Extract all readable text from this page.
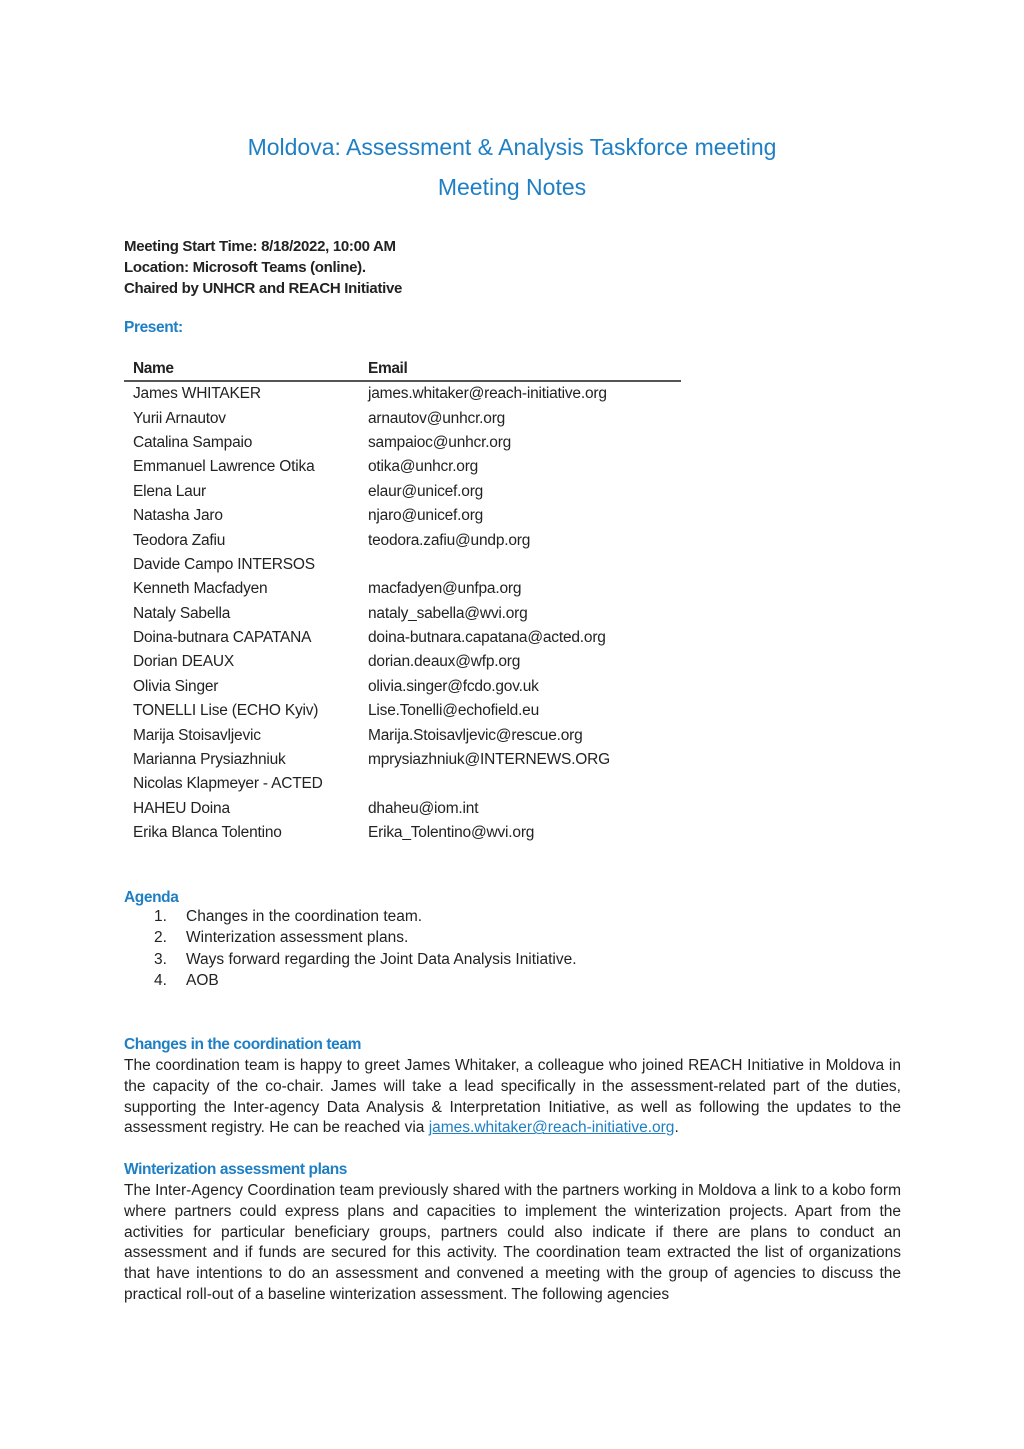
Moldova: Assessment & Analysis Taskforce meeting
Meeting Notes
Meeting Start Time: 8/18/2022, 10:00 AM
Location: Microsoft Teams (online).
Chaired by UNHCR and REACH Initiative
Present:
Name	Email
James WHITAKER	james.whitaker@reach-initiative.org
Yurii Arnautov	arnautov@unhcr.org
Catalina Sampaio	sampaioc@unhcr.org
Emmanuel Lawrence Otika	otika@unhcr.org
Elena Laur	elaur@unicef.org
Natasha Jaro	njaro@unicef.org
Teodora Zafiu	teodora.zafiu@undp.org
Davide Campo INTERSOS	
Kenneth Macfadyen	macfadyen@unfpa.org
Nataly Sabella	nataly_sabella@wvi.org
Doina-butnara CAPATANA	doina-butnara.capatana@acted.org
Dorian DEAUX	dorian.deaux@wfp.org
Olivia Singer	olivia.singer@fcdo.gov.uk
TONELLI Lise (ECHO Kyiv)	Lise.Tonelli@echofield.eu
Marija Stoisavljevic	Marija.Stoisavljevic@rescue.org
Marianna Prysiazhniuk	mprysiazhniuk@INTERNEWS.ORG
Nicolas Klapmeyer - ACTED	
HAHEU Doina	dhaheu@iom.int
Erika Blanca Tolentino	Erika_Tolentino@wvi.org
Agenda
1.	Changes in the coordination team.
2.	Winterization assessment plans.
3.	Ways forward regarding the Joint Data Analysis Initiative.
4.	AOB
Changes in the coordination team
The coordination team is happy to greet James Whitaker, a colleague who joined REACH Initiative in Moldova in the capacity of the co-chair. James will take a lead specifically in the assessment-related part of the duties, supporting the Inter-agency Data Analysis & Interpretation Initiative, as well as following the updates to the assessment registry. He can be reached via james.whitaker@reach-initiative.org.
Winterization assessment plans
The Inter-Agency Coordination team previously shared with the partners working in Moldova a link to a kobo form where partners could express plans and capacities to implement the winterization projects. Apart from the activities for particular beneficiary groups, partners could also indicate if there are plans to conduct an assessment and if funds are secured for this activity. The coordination team extracted the list of organizations that have intentions to do an assessment and convened a meeting with the group of agencies to discuss the practical roll-out of a baseline winterization assessment. The following agencies
